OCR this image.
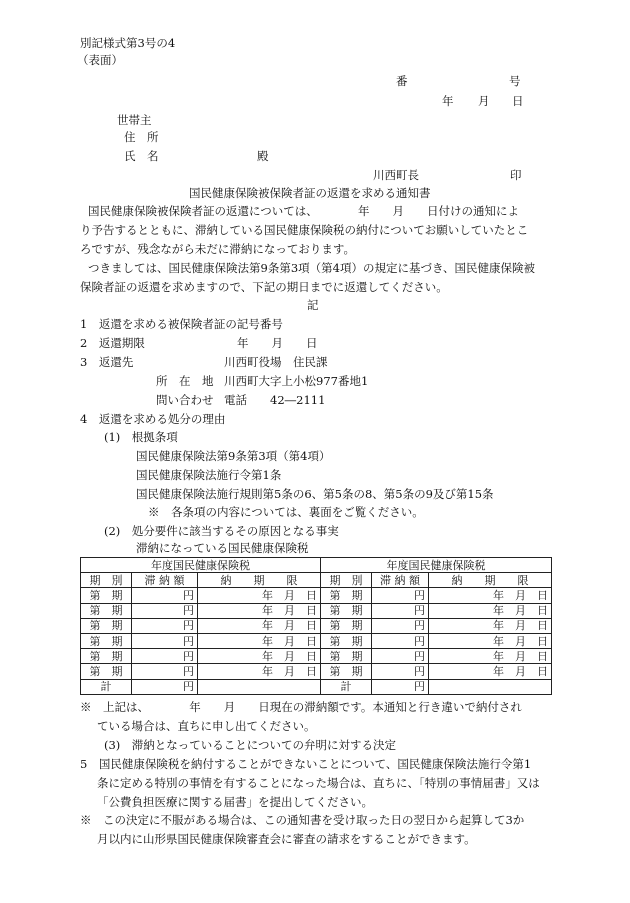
別記様式第3号の4
（表面）
番	号
年 月 日
世帯主
住　所
氏　名	殿
川西町長	印
国民健康保険被保険者証の返還を求める通知書
国民健康保険被保険者証の返還については、　　　　年　　月　　日付けの通知によ
り予告するとともに、滞納している国民健康保険税の納付についてお願いしていたとこ
ろですが、残念ながら未だに滞納になっております。
つきましては、国民健康保険法第9条第3項（第4項）の規定に基づき、国民健康保険被
保険者証の返還を求めますので、下記の期日までに返還してください。
記
1　返還を求める被保険者証の記号番号
2　返還期限	年　　月　　日
3　返還先	川西町役場　住民課
所　在　地 川西町大字上小松977番地1
問い合わせ 電話　　42―2111
4　返還を求める処分の理由
(1)　根拠条項
国民健康保険法第9条第3項（第4項）
国民健康保険法施行令第1条
国民健康保険法施行規則第5条の6、第5条の8、第5条の9及び第15条
※　各条項の内容については、裏面をご覧ください。
(2)　処分要件に該当するその原因となる事実
滞納になっている国民健康保険税
年度国民健康保険税			年度国民健康保険税		
期　別	滞 納 額	納　　期　　限	期　別	滞 納 額	納　　期　　限
第　期	円	年　月　日	第　期	円	年　月　日
第　期	円	年　月　日	第　期	円	年　月　日
第　期	円	年　月　日	第　期	円	年　月　日
第　期	円	年　月　日	第　期	円	年　月　日
第　期	円	年　月　日	第　期	円	年　月　日
第　期	円	年　月　日	第　期	円	年　月　日
計	円		計	円	
※　上記は、　　　　年　　月　　日現在の滞納額です。本通知と行き違いで納付され
ている場合は、直ちに申し出てください。
(3)　滞納となっていることについての弁明に対する決定
5　国民健康保険税を納付することができないことについて、国民健康保険法施行令第1
条に定める特別の事情を有することになった場合は、直ちに、「特別の事情届書」又は
「公費負担医療に関する届書」を提出してください。
※　この決定に不服がある場合は、この通知書を受け取った日の翌日から起算して3か
月以内に山形県国民健康保険審査会に審査の請求をすることができます。
